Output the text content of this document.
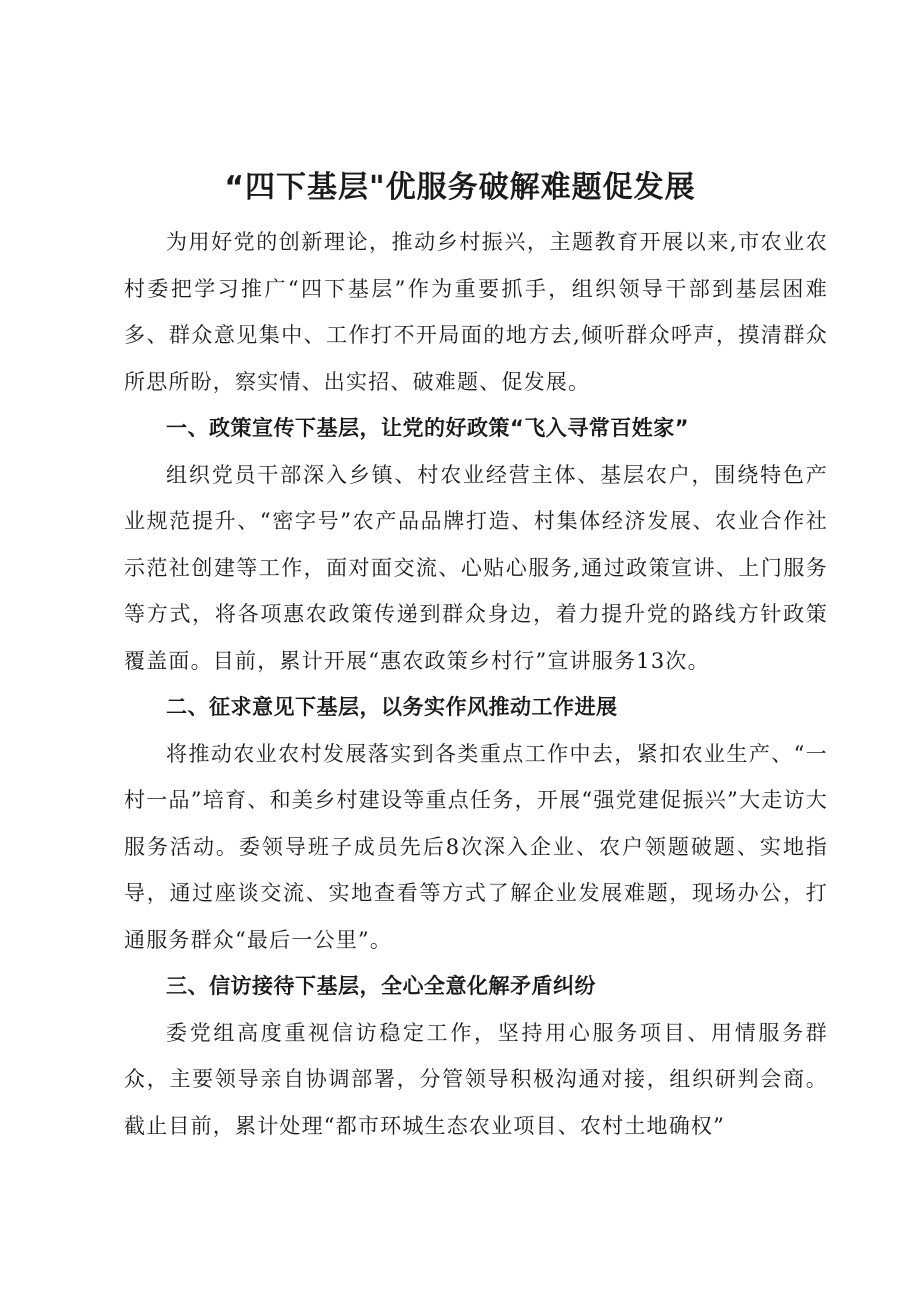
“四下基层"优服务破解难题促发展

为用好党的创新理论，推动乡村振兴，主题教育开展以来,市农业农村委把学习推广“四下基层”作为重要抓手，组织领导干部到基层困难多、群众意见集中、工作打不开局面的地方去,倾听群众呼声，摸清群众所思所盼，察实情、出实招、破难题、促发展。

一、政策宣传下基层，让党的好政策“飞入寻常百姓家”

组织党员干部深入乡镇、村农业经营主体、基层农户，围绕特色产业规范提升、“密字号”农产品品牌打造、村集体经济发展、农业合作社示范社创建等工作，面对面交流、心贴心服务,通过政策宣讲、上门服务等方式，将各项惠农政策传递到群众身边，着力提升党的路线方针政策覆盖面。目前，累计开展“惠农政策乡村行”宣讲服务13次。

二、征求意见下基层，以务实作风推动工作进展

将推动农业农村发展落实到各类重点工作中去，紧扣农业生产、“一村一品”培育、和美乡村建设等重点任务，开展“强党建促振兴”大走访大服务活动。委领导班子成员先后8次深入企业、农户领题破题、实地指导，通过座谈交流、实地查看等方式了解企业发展难题，现场办公，打通服务群众“最后一公里”。

三、信访接待下基层，全心全意化解矛盾纠纷

委党组高度重视信访稳定工作，坚持用心服务项目、用情服务群众，主要领导亲自协调部署，分管领导积极沟通对接，组织研判会商。截止目前，累计处理“都市环城生态农业项目、农村土地确权”
